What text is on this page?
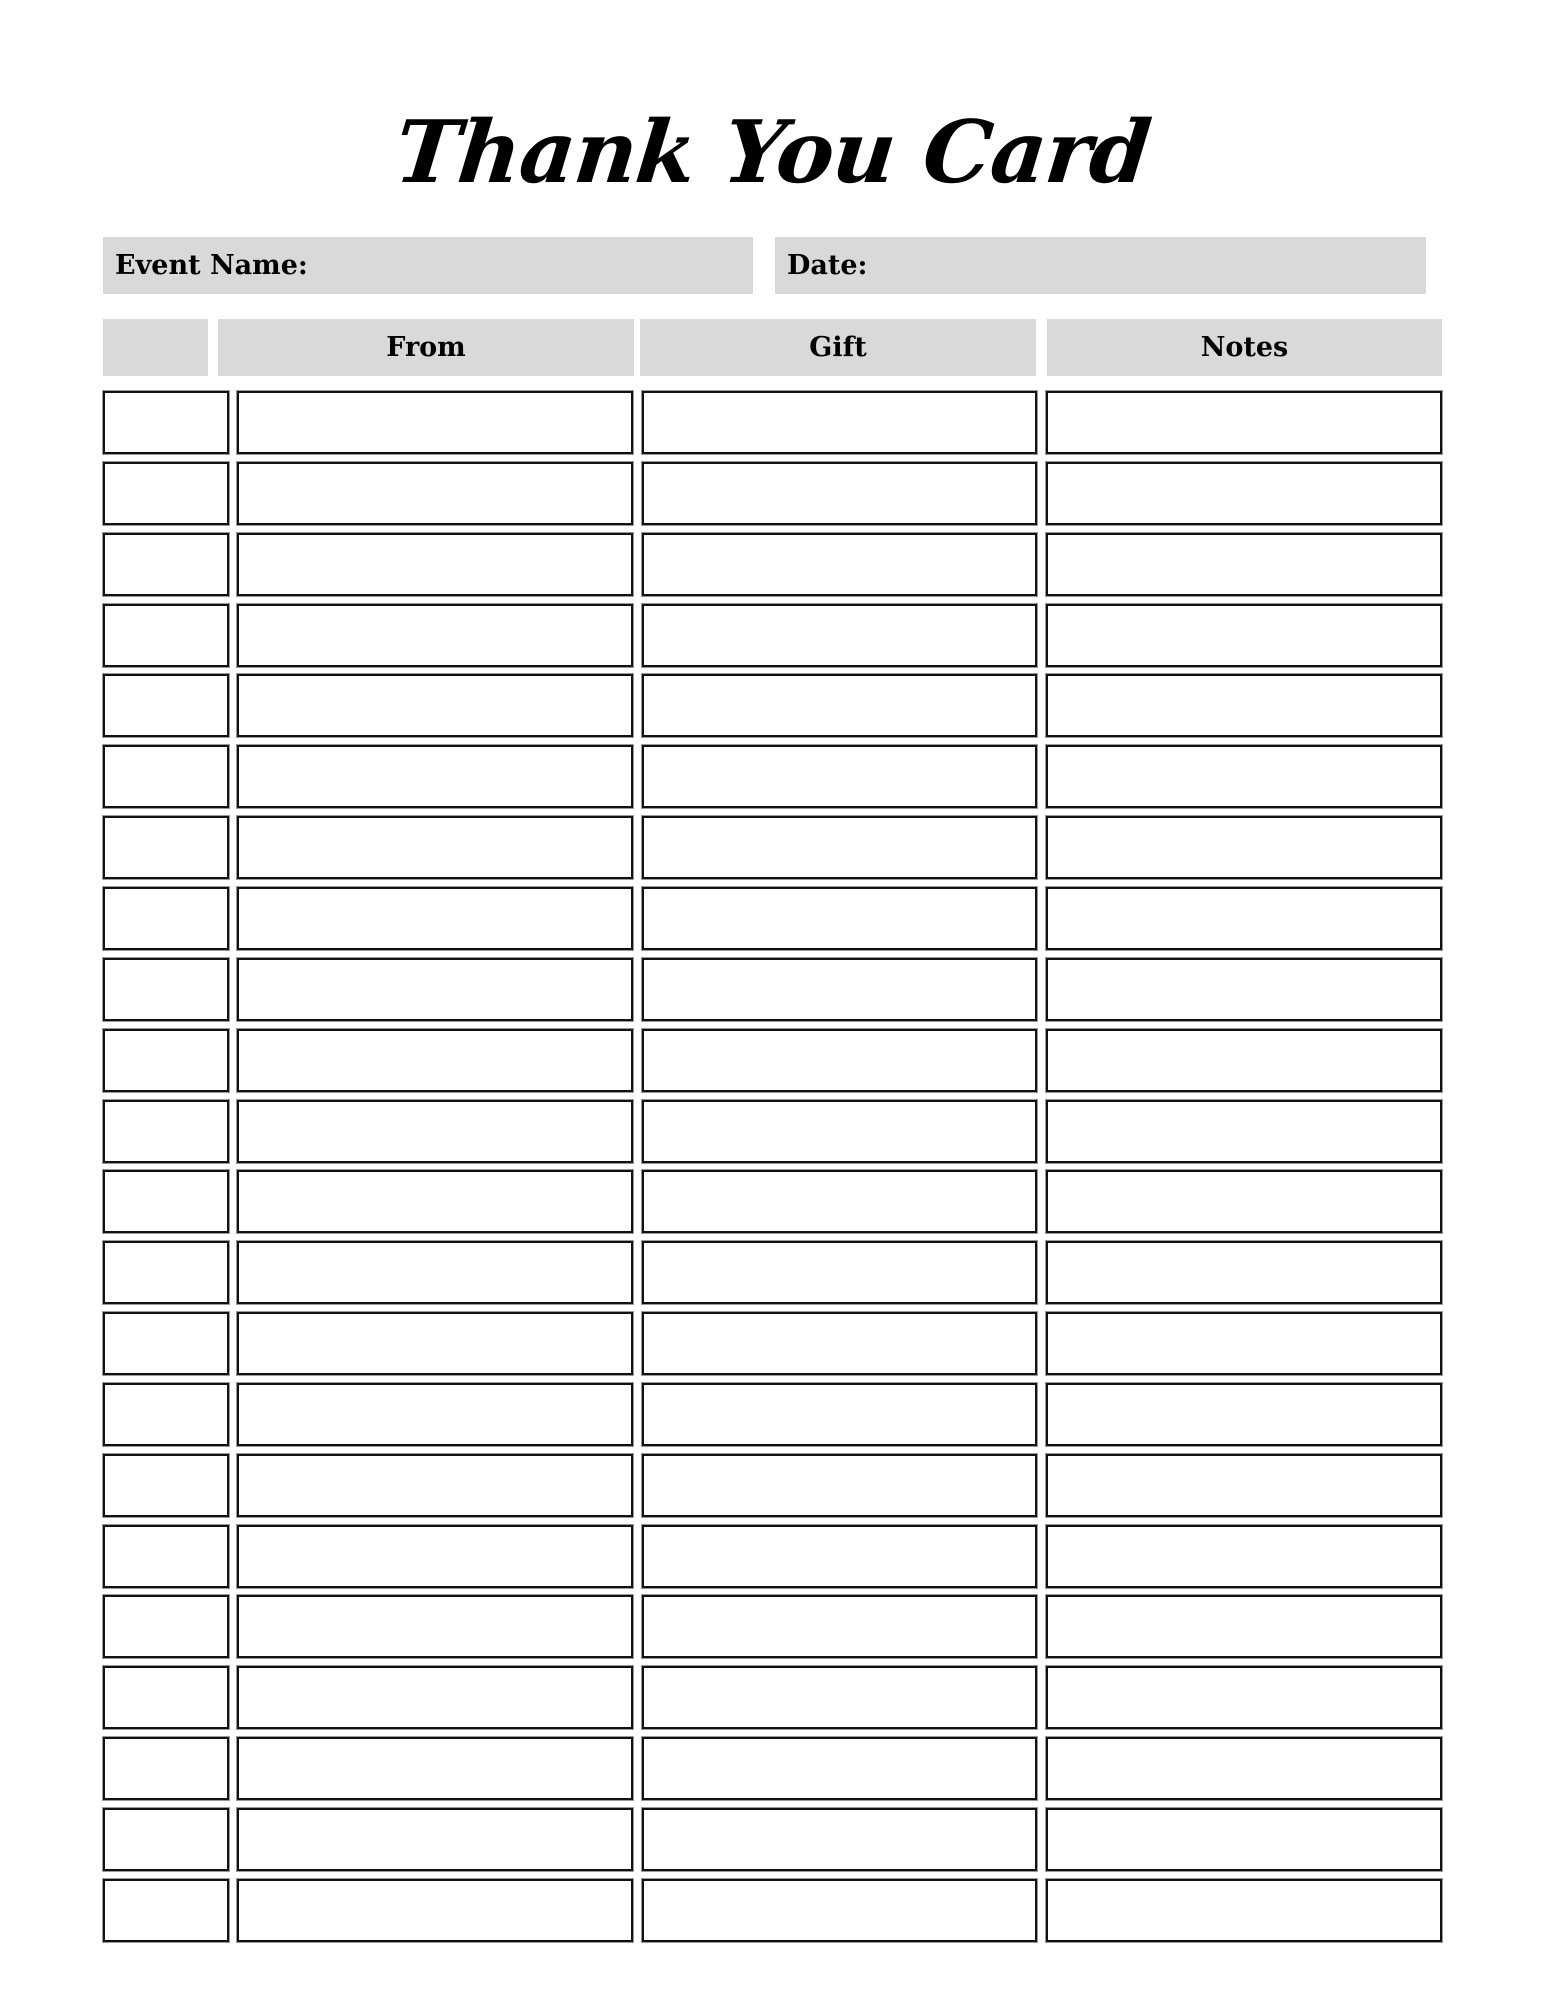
Thank You Card
Event Name:	Date:
From	Gift	Notes
